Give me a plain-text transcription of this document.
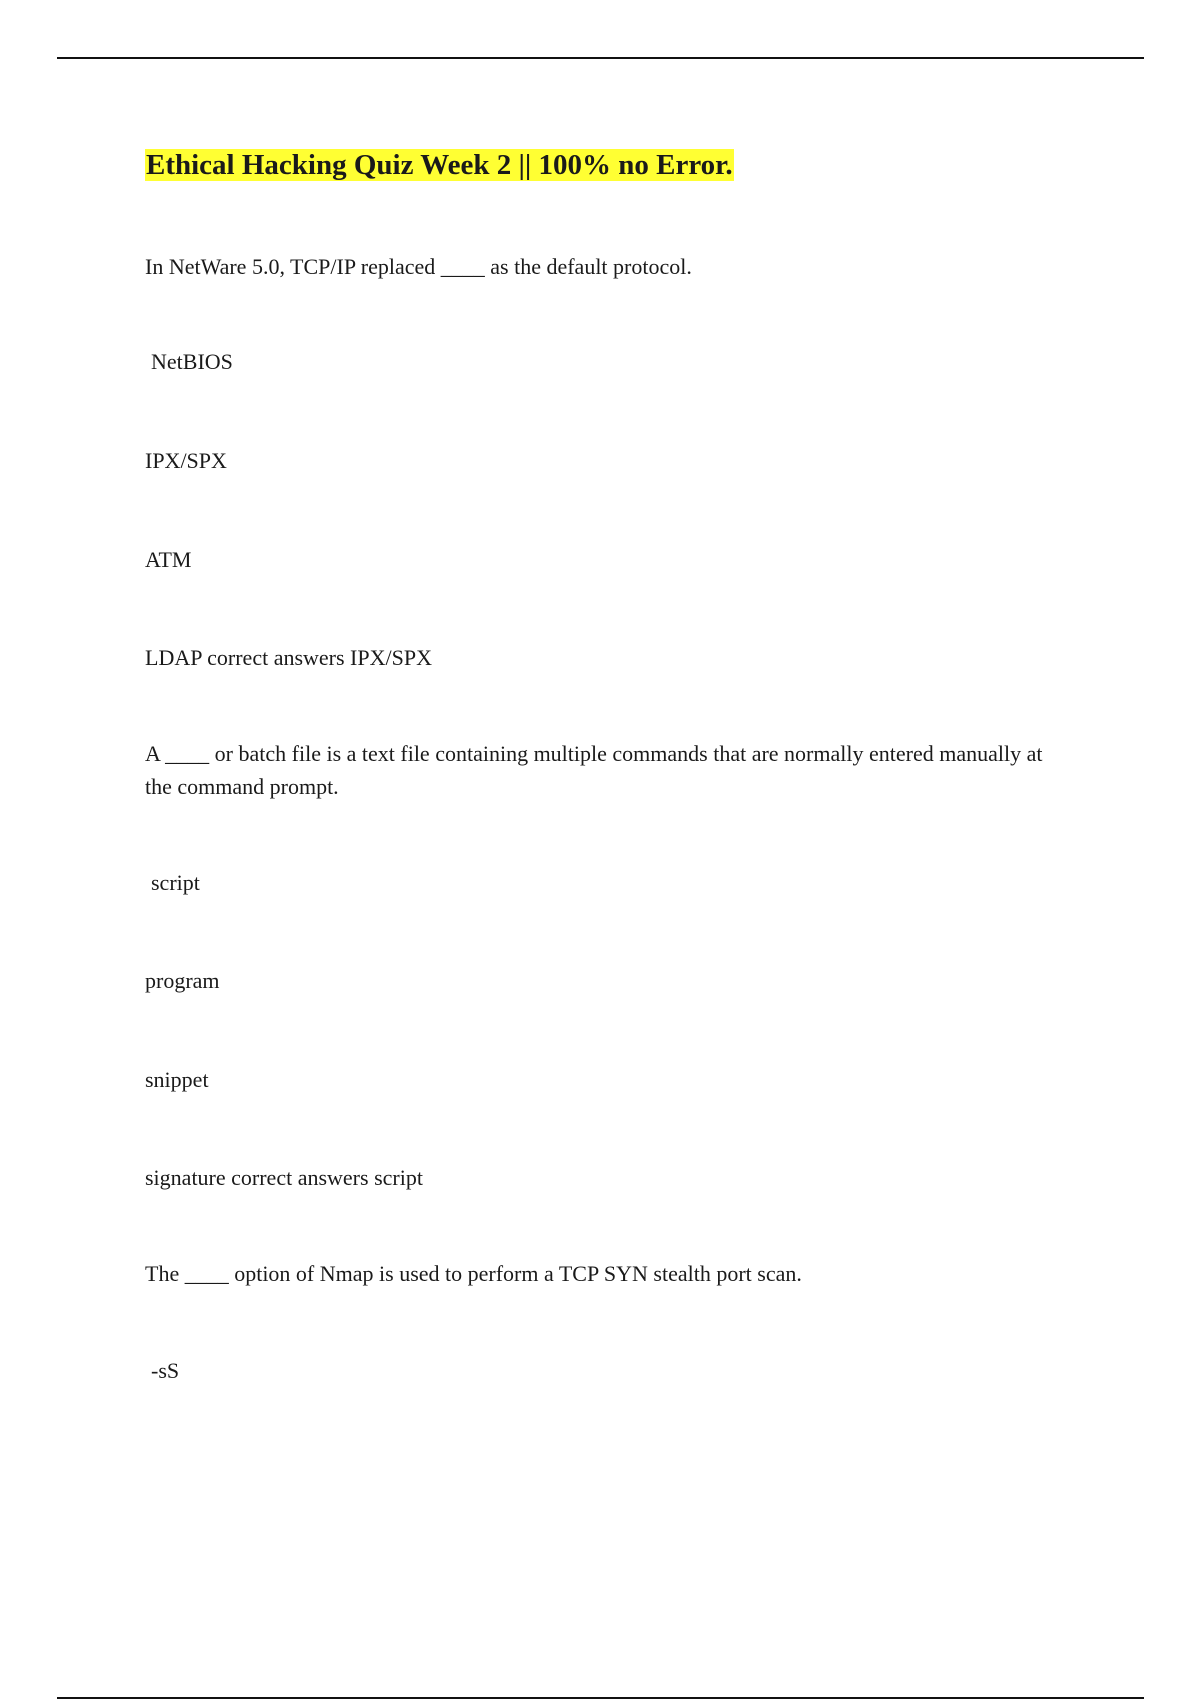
Ethical Hacking Quiz Week 2 || 100% no Error.

In NetWare 5.0, TCP/IP replaced ____ as the default protocol.

NetBIOS

IPX/SPX

ATM

LDAP correct answers IPX/SPX

A ____ or batch file is a text file containing multiple commands that are normally entered manually at the command prompt.

script

program

snippet

signature correct answers script

The ____ option of Nmap is used to perform a TCP SYN stealth port scan.

-sS
